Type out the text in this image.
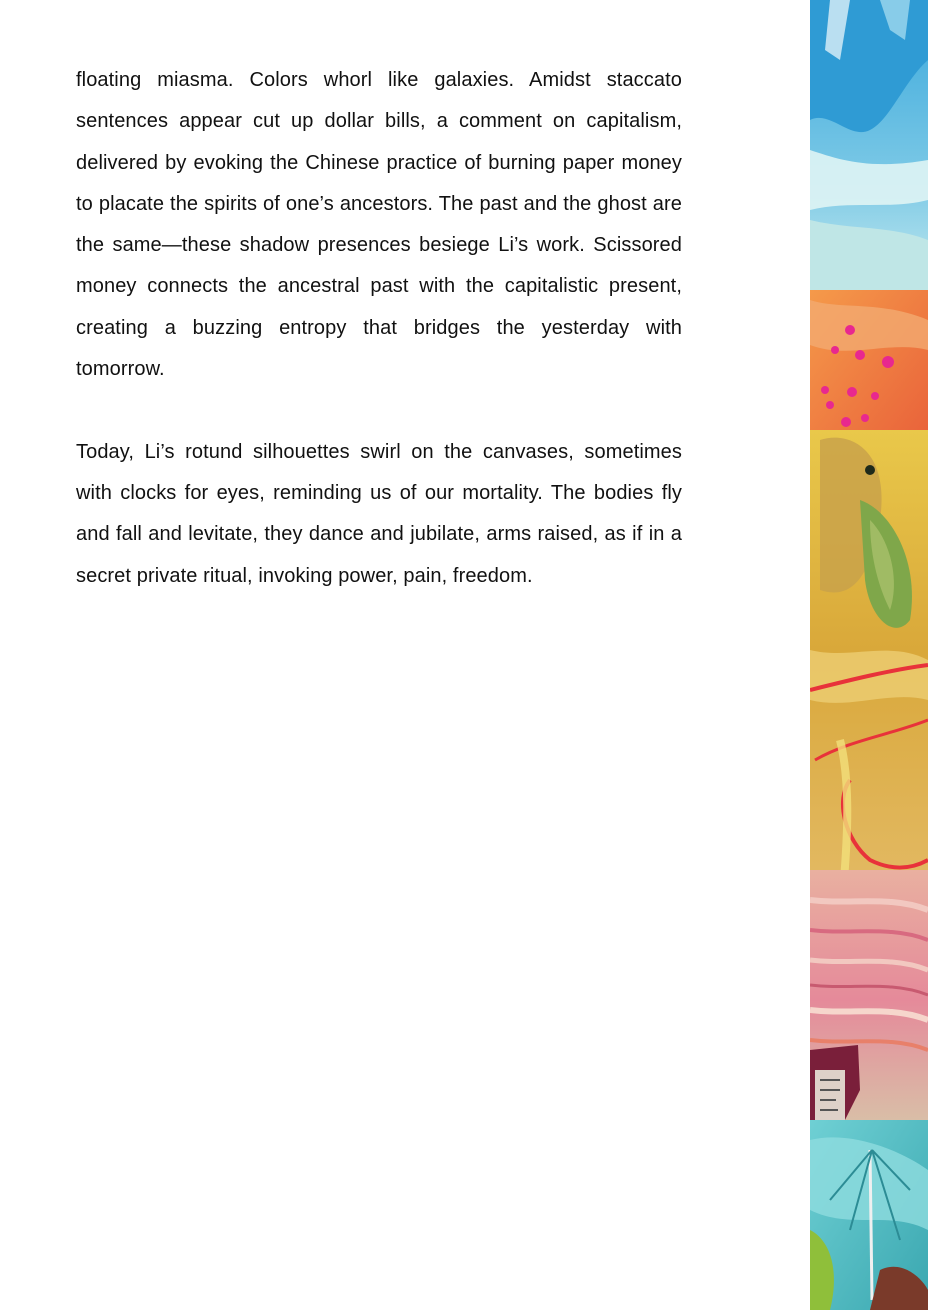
floating miasma. Colors whorl like galaxies. Amidst staccato sentences appear cut up dollar bills, a comment on capitalism, delivered by evoking the Chinese practice of burning paper money to placate the spirits of one’s ancestors. The past and the ghost are the same—these shadow presences besiege Li’s work. Scissored money connects the ancestral past with the capitalistic present, creating a buzzing entropy that bridges the yesterday with tomorrow.

Today, Li’s rotund silhouettes swirl on the canvases, sometimes with clocks for eyes, reminding us of our mortality. The bodies fly and fall and levitate, they dance and jubilate, arms raised, as if in a secret private ritual, invoking power, pain, freedom.
